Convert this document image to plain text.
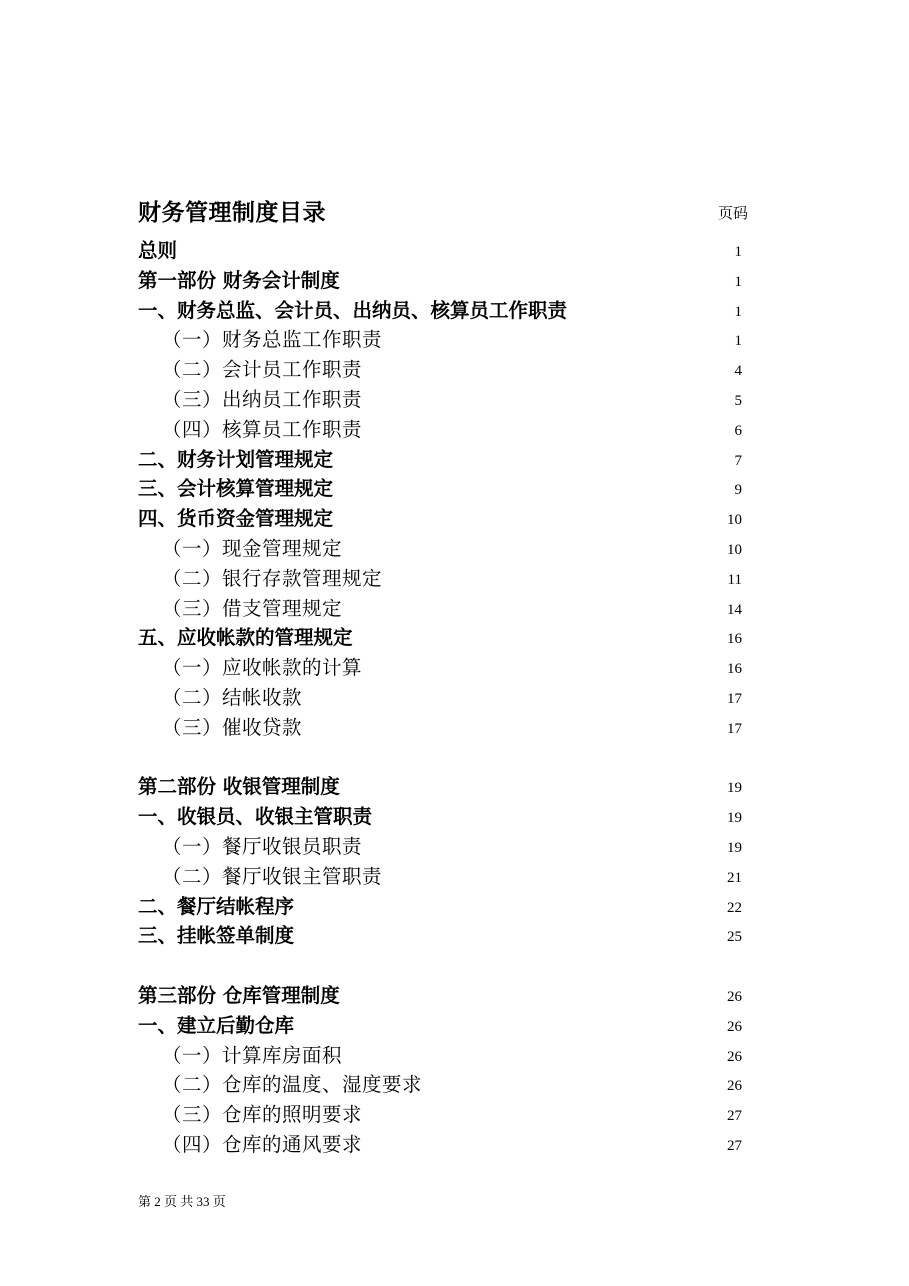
财务管理制度目录	页码
总则	1
第一部份 财务会计制度	1
一、财务总监、会计员、出纳员、核算员工作职责	1
（一）财务总监工作职责	1
（二）会计员工作职责	4
（三）出纳员工作职责	5
（四）核算员工作职责	6
二、财务计划管理规定	7
三、会计核算管理规定	9
四、货币资金管理规定	10
（一）现金管理规定	10
（二）银行存款管理规定	11
（三）借支管理规定	14
五、应收帐款的管理规定	16
（一）应收帐款的计算	16
（二）结帐收款	17
（三）催收贷款	17
第二部份 收银管理制度	19
一、收银员、收银主管职责	19
（一）餐厅收银员职责	19
（二）餐厅收银主管职责	21
二、餐厅结帐程序	22
三、挂帐签单制度	25
第三部份 仓库管理制度	26
一、建立后勤仓库	26
（一）计算库房面积	26
（二）仓库的温度、湿度要求	26
（三）仓库的照明要求	27
（四）仓库的通风要求	27
第 2 页 共 33 页
